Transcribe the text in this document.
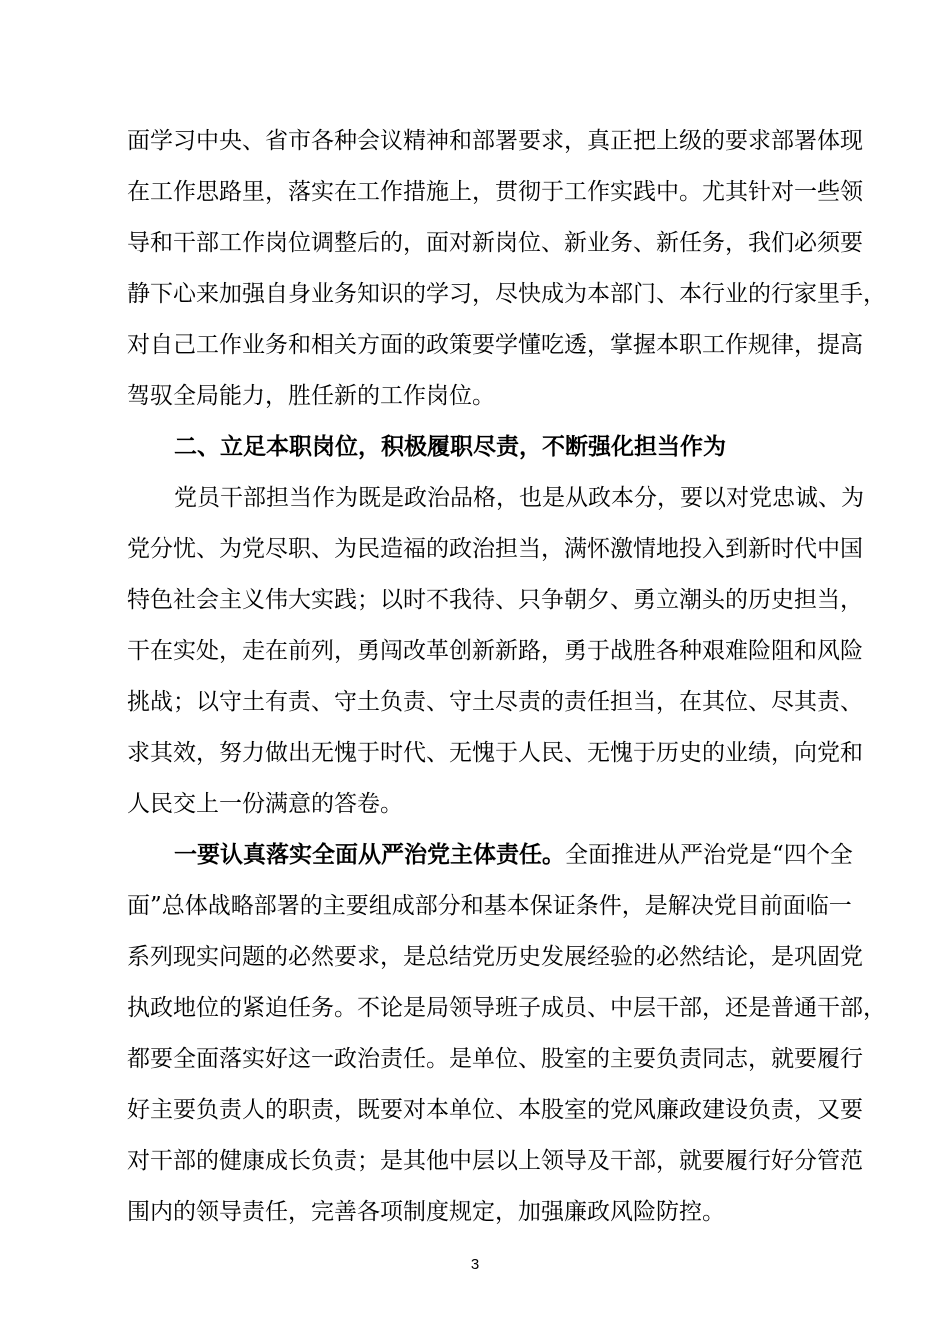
面学习中央、省市各种会议精神和部署要求，真正把上级的要求部署体现
在工作思路里，落实在工作措施上，贯彻于工作实践中。尤其针对一些领
导和干部工作岗位调整后的，面对新岗位、新业务、新任务，我们必须要
静下心来加强自身业务知识的学习，尽快成为本部门、本行业的行家里手，
对自己工作业务和相关方面的政策要学懂吃透，掌握本职工作规律，提高
驾驭全局能力，胜任新的工作岗位。
二、立足本职岗位，积极履职尽责，不断强化担当作为
党员干部担当作为既是政治品格，也是从政本分，要以对党忠诚、为
党分忧、为党尽职、为民造福的政治担当，满怀激情地投入到新时代中国
特色社会主义伟大实践；以时不我待、只争朝夕、勇立潮头的历史担当，
干在实处，走在前列，勇闯改革创新新路，勇于战胜各种艰难险阻和风险
挑战；以守土有责、守土负责、守土尽责的责任担当，在其位、尽其责、
求其效，努力做出无愧于时代、无愧于人民、无愧于历史的业绩，向党和
人民交上一份满意的答卷。
一要认真落实全面从严治党主体责任。全面推进从严治党是“四个全
面”总体战略部署的主要组成部分和基本保证条件，是解决党目前面临一
系列现实问题的必然要求，是总结党历史发展经验的必然结论，是巩固党
执政地位的紧迫任务。不论是局领导班子成员、中层干部，还是普通干部，
都要全面落实好这一政治责任。是单位、股室的主要负责同志，就要履行
好主要负责人的职责，既要对本单位、本股室的党风廉政建设负责，又要
对干部的健康成长负责；是其他中层以上领导及干部，就要履行好分管范
围内的领导责任，完善各项制度规定，加强廉政风险防控。
3
